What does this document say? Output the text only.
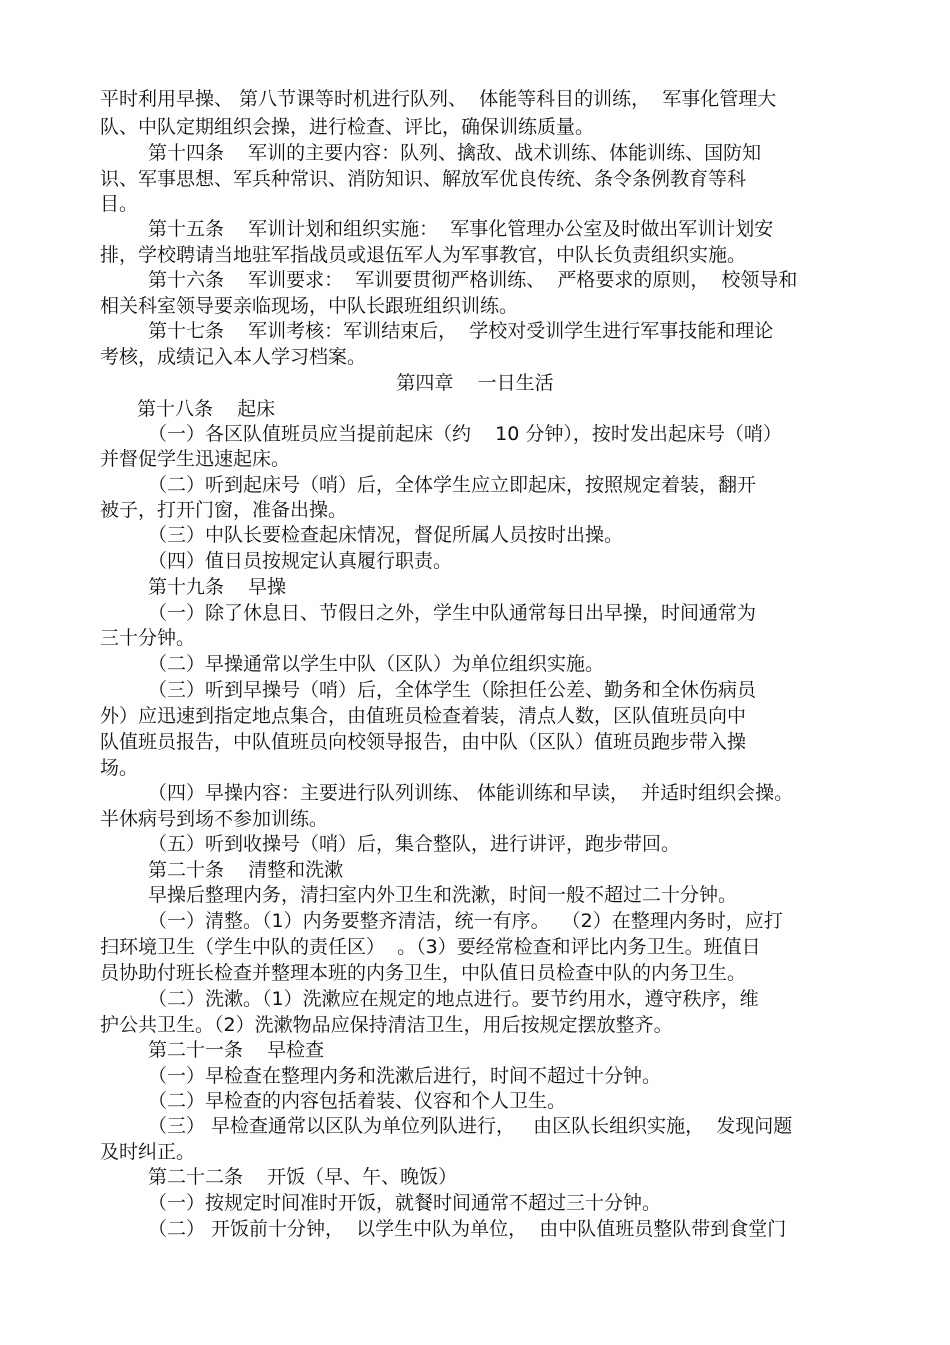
平时利用早操、 第八节课等时机进行队列、  体能等科目的训练，  军事化管理大
队、中队定期组织会操，进行检查、评比，确保训练质量。
第十四条    军训的主要内容：队列、擒敌、战术训练、体能训练、国防知
识、军事思想、军兵种常识、消防知识、解放军优良传统、条令条例教育等科
目。
第十五条    军训计划和组织实施：  军事化管理办公室及时做出军训计划安
排，学校聘请当地驻军指战员或退伍军人为军事教官，中队长负责组织实施。
第十六条    军训要求：  军训要贯彻严格训练、  严格要求的原则，  校领导和
相关科室领导要亲临现场，中队长跟班组织训练。
第十七条    军训考核：军训结束后，  学校对受训学生进行军事技能和理论
考核，成绩记入本人学习档案。
第四章    一日生活
第十八条    起床
（一）各区队值班员应当提前起床（约    10 分钟），按时发出起床号（哨）
并督促学生迅速起床。
（二）听到起床号（哨）后，全体学生应立即起床，按照规定着装，翻开
被子，打开门窗，准备出操。
（三）中队长要检查起床情况，督促所属人员按时出操。
（四）值日员按规定认真履行职责。
第十九条    早操
（一）除了休息日、节假日之外，学生中队通常每日出早操，时间通常为
三十分钟。
（二）早操通常以学生中队（区队）为单位组织实施。
（三）听到早操号（哨）后，全体学生（除担任公差、勤务和全休伤病员
外）应迅速到指定地点集合，由值班员检查着装，清点人数，区队值班员向中
队值班员报告，中队值班员向校领导报告，由中队（区队）值班员跑步带入操
场。
（四）早操内容：主要进行队列训练、 体能训练和早读，  并适时组织会操。
半休病号到场不参加训练。
（五）听到收操号（哨）后，集合整队，进行讲评，跑步带回。
第二十条    清整和洗漱
早操后整理内务，清扫室内外卫生和洗漱，时间一般不超过二十分钟。
（一）清整。（1）内务要整齐清洁，统一有序。  （2）在整理内务时，应打
扫环境卫生（学生中队的责任区）  。（3）要经常检查和评比内务卫生。班值日
员协助付班长检查并整理本班的内务卫生，中队值日员检查中队的内务卫生。
（二）洗漱。（1）洗漱应在规定的地点进行。要节约用水，遵守秩序，维
护公共卫生。（2）洗漱物品应保持清洁卫生，用后按规定摆放整齐。
第二十一条    早检查
（一）早检查在整理内务和洗漱后进行，时间不超过十分钟。
（二）早检查的内容包括着装、仪容和个人卫生。
（三） 早检查通常以区队为单位列队进行，   由区队长组织实施，  发现问题
及时纠正。
第二十二条    开饭（早、午、晚饭）
（一）按规定时间准时开饭，就餐时间通常不超过三十分钟。
（二） 开饭前十分钟，  以学生中队为单位，  由中队值班员整队带到食堂门
